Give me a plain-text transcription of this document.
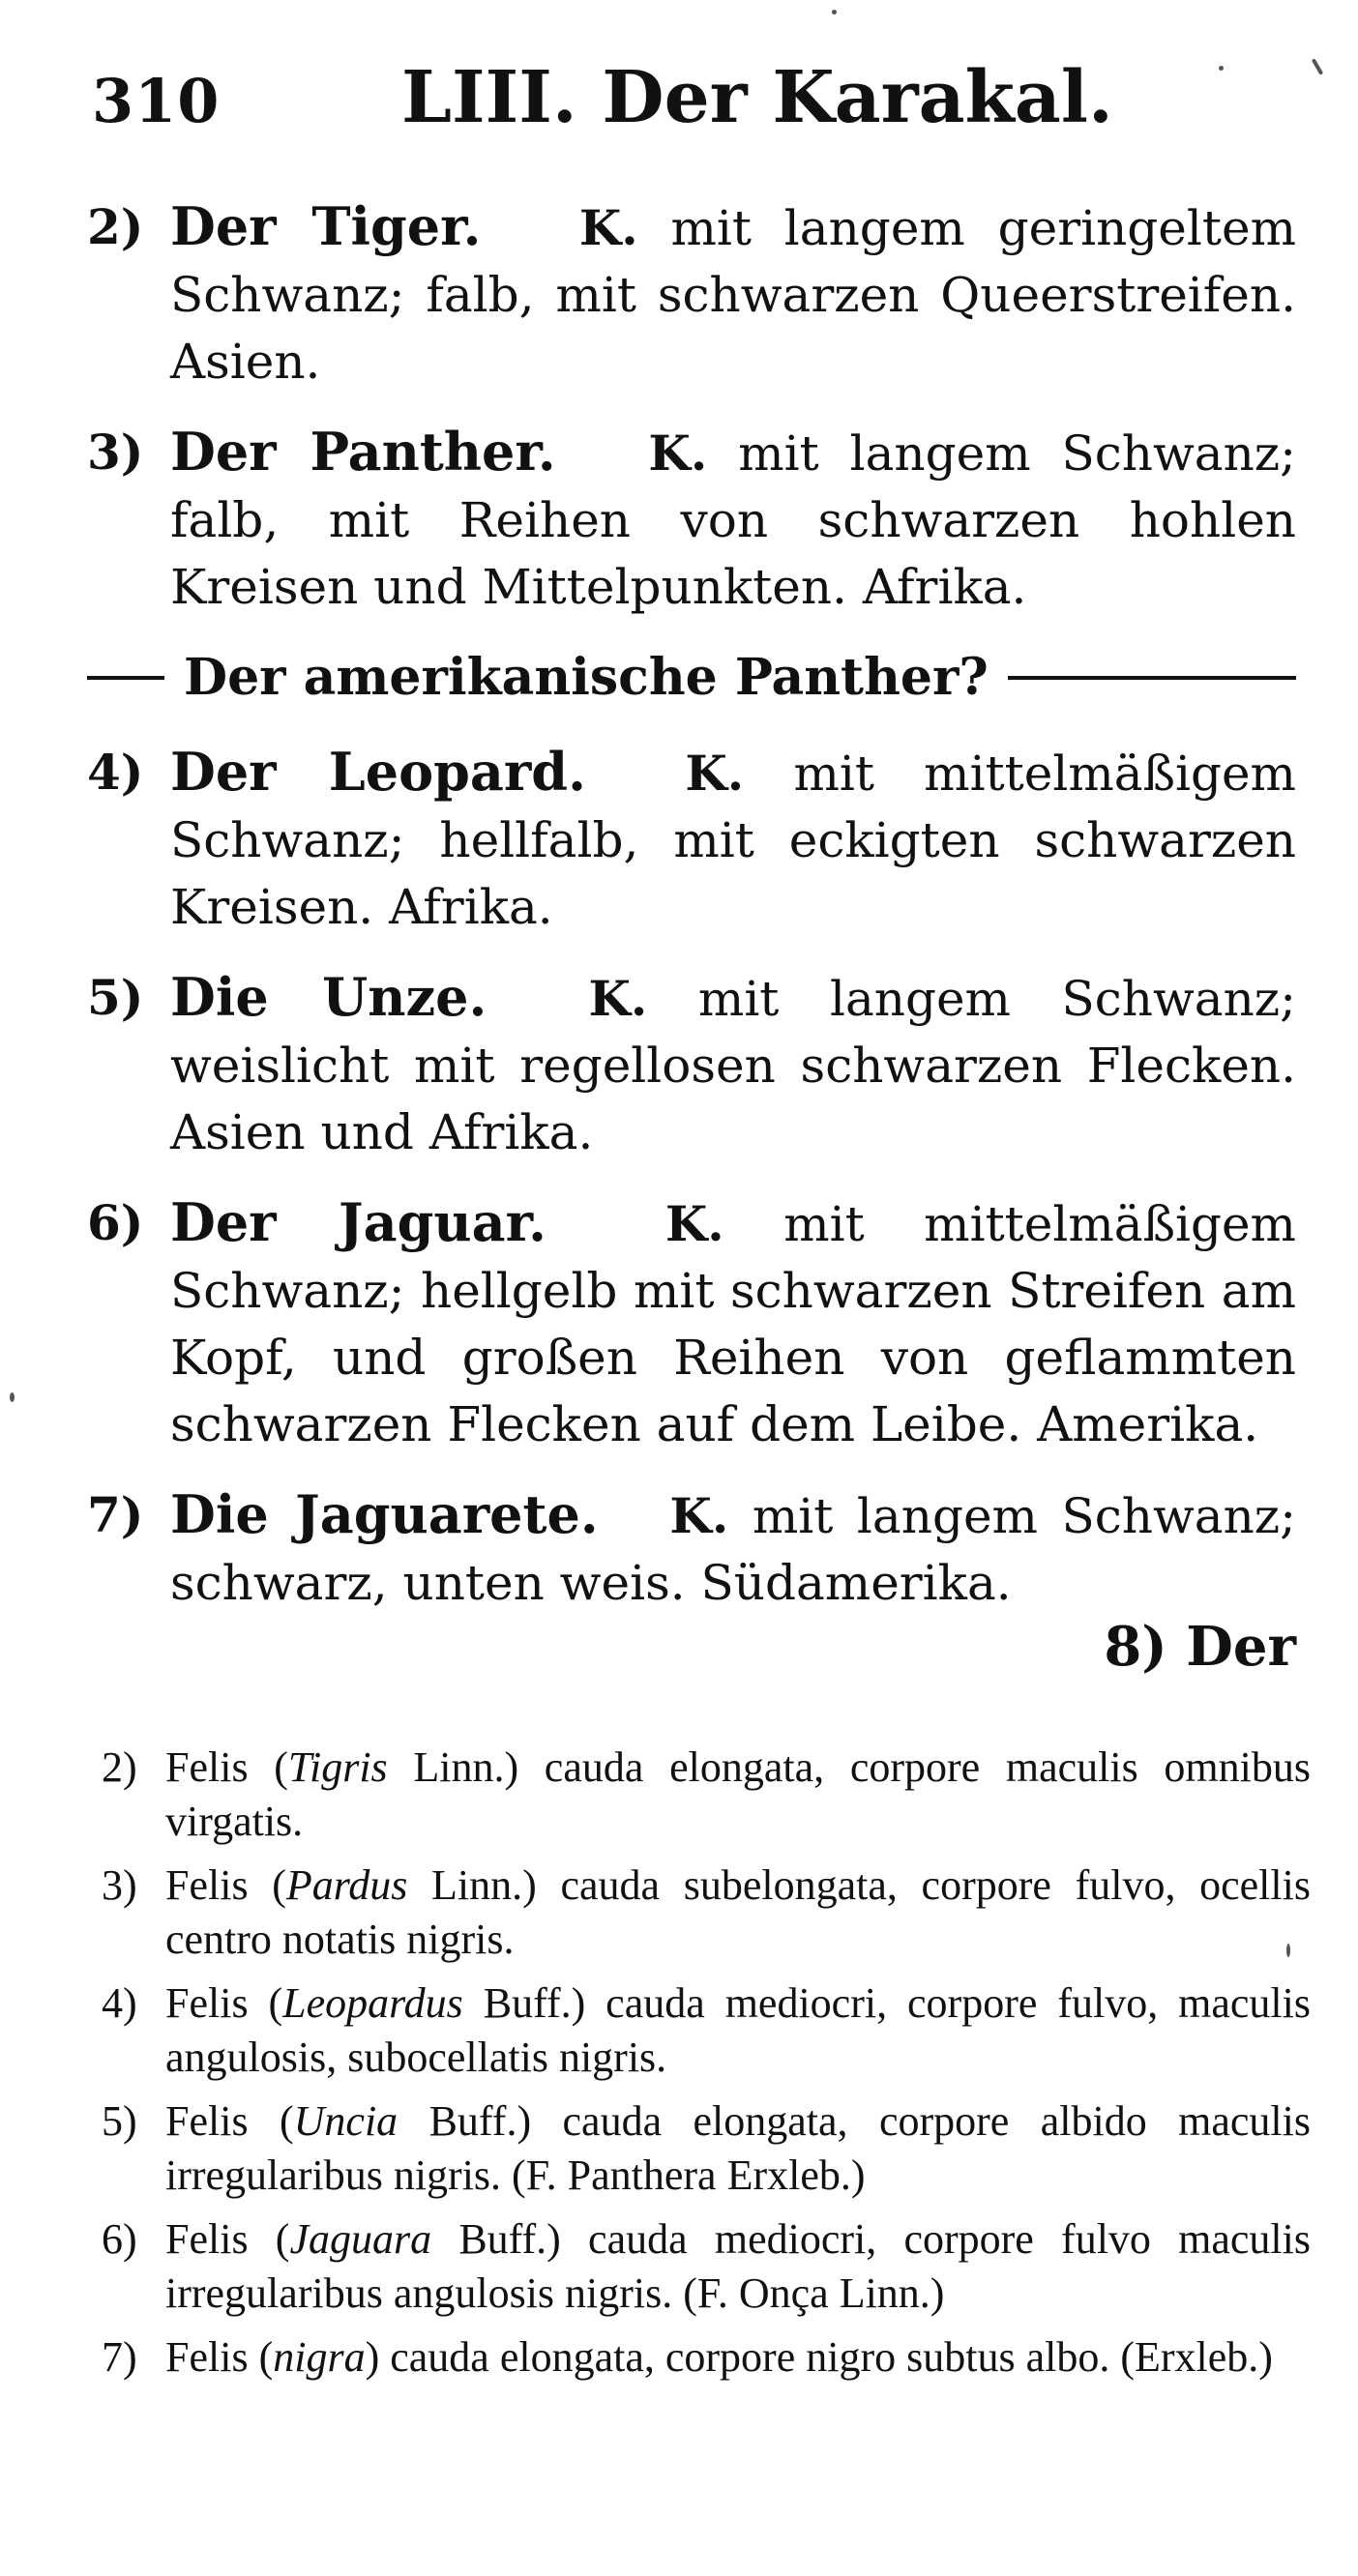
310	LIII. Der Karakal.
2) Der Tiger. K. mit langem geringeltem Schwanz; falb, mit schwarzen Queerstreifen. Asien.
3) Der Panther. K. mit langem Schwanz; falb, mit Reihen von schwarzen hohlen Kreisen und Mittelpunkten. Afrika.
Der amerikanische Panther?
4) Der Leopard. K. mit mittelmäßigem Schwanz; hellfalb, mit eckigten schwarzen Kreisen. Afrika.
5) Die Unze. K. mit langem Schwanz; weislicht mit regellosen schwarzen Flecken. Asien und Afrika.
6) Der Jaguar. K. mit mittelmäßigem Schwanz; hellgelb mit schwarzen Streifen am Kopf, und großen Reihen von geflammten schwarzen Flecken auf dem Leibe. Amerika.
7) Die Jaguarete. K. mit langem Schwanz; schwarz, unten weis. Südamerika.
8) Der
2) Felis (Tigris Linn.) cauda elongata, corpore maculis omnibus virgatis.
3) Felis (Pardus Linn.) cauda subelongata, corpore fulvo, ocellis centro notatis nigris.
4) Felis (Leopardus Buff.) cauda mediocri, corpore fulvo, maculis angulosis, subocellatis nigris.
5) Felis (Uncia Buff.) cauda elongata, corpore albido maculis irregularibus nigris. (F. Panthera Erxleb.)
6) Felis (Jaguara Buff.) cauda mediocri, corpore fulvo maculis irregularibus angulosis nigris. (F. Onça Linn.)
7) Felis (nigra) cauda elongata, corpore nigro subtus albo. (Erxleb.)
